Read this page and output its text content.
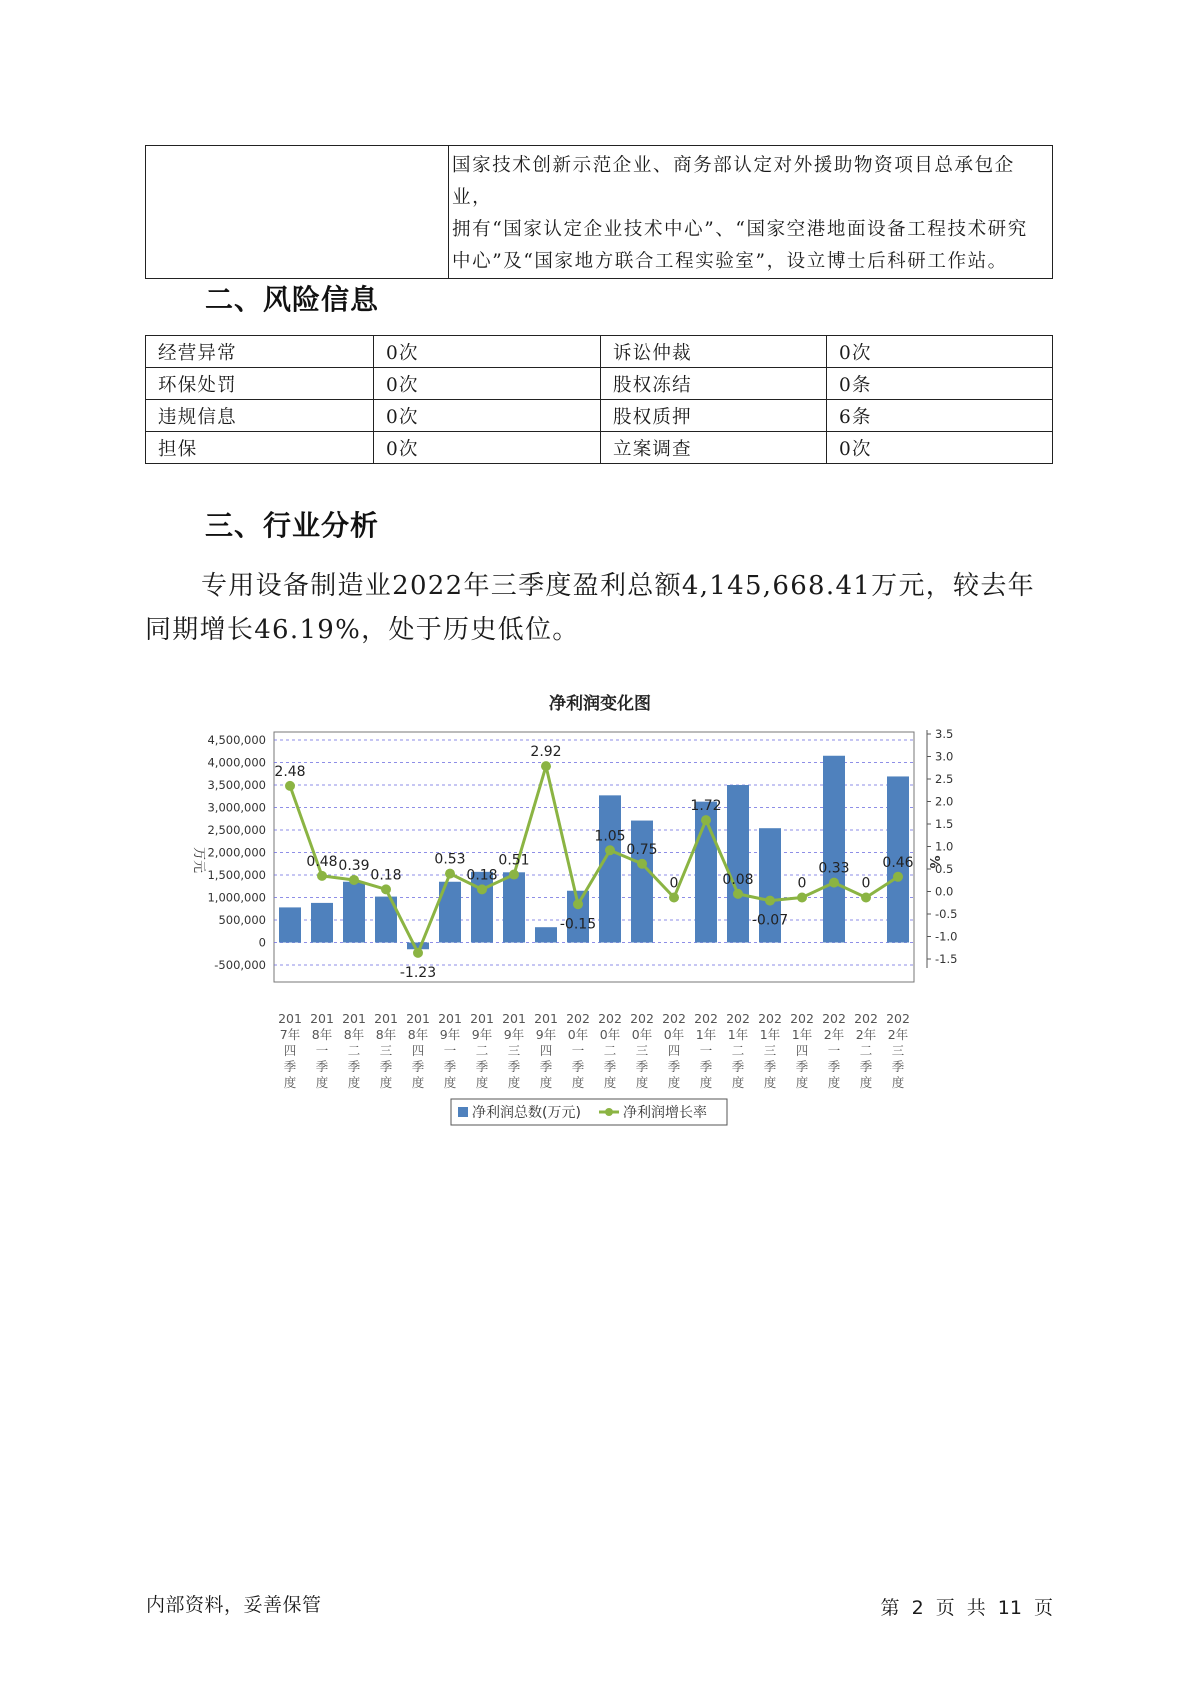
国家技术创新示范企业、商务部认定对外援助物资项目总承包企业，
拥有“国家认定企业技术中心”、“国家空港地面设备工程技术研究
中心”及“国家地方联合工程实验室”，设立博士后科研工作站。
二、风险信息
经营异常	0次	诉讼仲裁	0次
环保处罚	0次	股权冻结	0条
违规信息	0次	股权质押	6条
担保	0次	立案调查	0次
三、行业分析

专用设备制造业2022年三季度盈利总额4,145,668.41万元，较去年同期增长46.19%，处于历史低位。

净利润变化图
4,500,000
4,000,000
3,500,000
3,000,000
2,500,000
2,000,000
1,500,000
1,000,000
500,000
0
-500,000
3.5
3.0
2.5
2.0
1.5
1.0
0.5
0.0
-0.5
-1.0
-1.5
2.48
0.48 0.39
0.18
-1.23
0.53
0.18
0.51
2.92
-0.15
1.05
0.75
0
1.72
0.08
-0.07
0
0.33
0
0.46
201
7年
四
季
度
201
8年
一
季
度
201
8年
二
季
度
201
8年
三
季
度
201
8年
四
季
度
201
9年
一
季
度
201
9年
二
季
度
201
9年
三
季
度
201
9年
四
季
度
202
0年
一
季
度
202
0年
二
季
度
202
0年
三
季
度
202
0年
四
季
度
202
1年
一
季
度
202
1年
二
季
度
202
1年
三
季
度
202
1年
四
季
度
202
2年
一
季
度
202
2年
二
季
度
202
2年
三
季
度
万元	%
净利润总数(万元)	净利润增长率
内部资料，妥善保管	第 2 页 共 11 页
